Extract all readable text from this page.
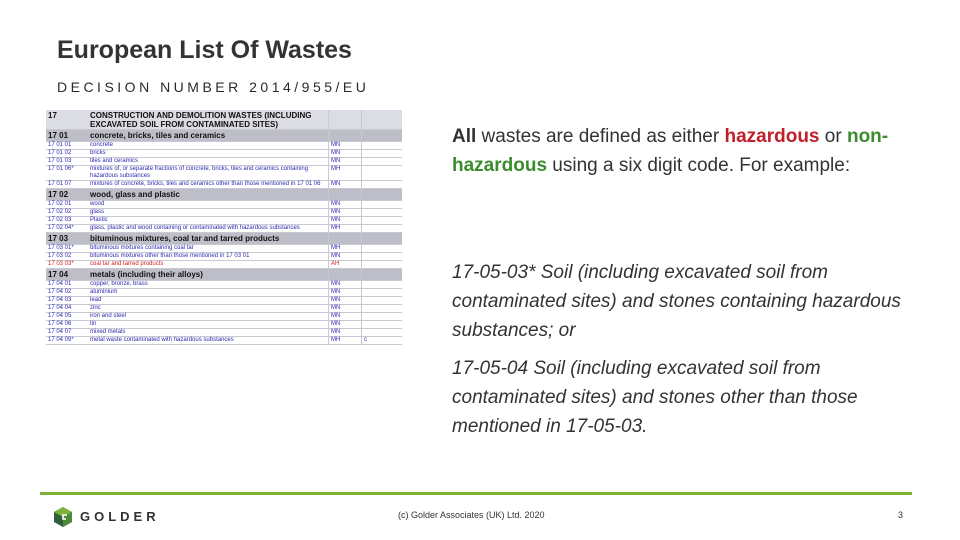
European List Of Wastes
DECISION NUMBER 2014/955/EU
17	CONSTRUCTION AND DEMOLITION WASTES (INCLUDING EXCAVATED SOIL FROM CONTAMINATED SITES)		
17 01	concrete, bricks, tiles and ceramics		
17 01 01	concrete	MN	
17 01 02	bricks	MN	
17 01 03	tiles and ceramics	MN	
17 01 06*	mixtures of, or separate fractions of concrete, bricks, tiles and ceramics containing hazardous substances	MH	
17 01 07	mixtures of concrete, bricks, tiles and ceramics other than those mentioned in 17 01 06	MN	
17 02	wood, glass and plastic		
17 02 01	wood	MN	
17 02 02	glass	MN	
17 02 03	Plastic	MN	
17 02 04*	glass, plastic and wood containing or contaminated with hazardous substances	MH	
17 03	bituminous mixtures, coal tar and tarred products		
17 03 01*	bituminous mixtures containing coal tar	MH	
17 03 02	bituminous mixtures other than those mentioned in 17 03 01	MN	
17 03 03*	coal tar and tarred products	AH	
17 04	metals (including their alloys)		
17 04 01	copper, bronze, brass	MN	
17 04 02	aluminium	MN	
17 04 03	lead	MN	
17 04 04	zinc	MN	
17 04 05	iron and steel	MN	
17 04 06	tin	MN	
17 04 07	mixed metals	MN	
17 04 09*	metal waste contaminated with hazardous substances	MH	c
All wastes are defined as either hazardous or non-hazardous using a six digit code. For example:
17-05-03* Soil (including excavated soil from contaminated sites) and stones containing hazardous substances; or
17-05-04 Soil (including excavated soil from contaminated sites) and stones other than those mentioned in 17-05-03.
GOLDER	(c) Golder Associates (UK) Ltd. 2020	3
